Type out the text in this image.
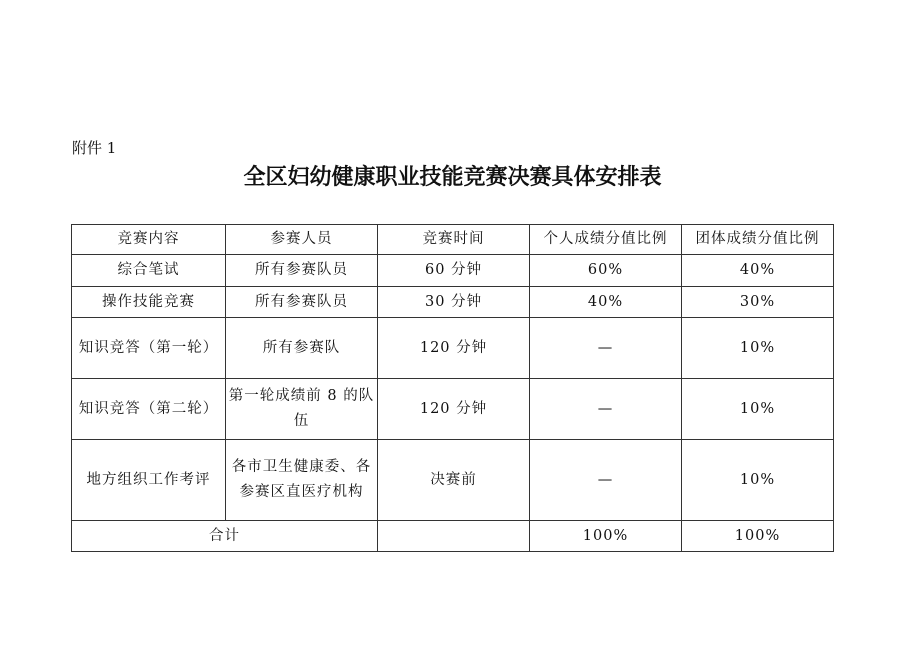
附件 1
全区妇幼健康职业技能竞赛决赛具体安排表
竞赛内容	参赛人员	竞赛时间	个人成绩分值比例	团体成绩分值比例
综合笔试	所有参赛队员	60 分钟	60%	40%
操作技能竞赛	所有参赛队员	30 分钟	40%	30%
知识竞答（第一轮）	所有参赛队	120 分钟	—	10%
知识竞答（第二轮）	第一轮成绩前 8 的队伍	120 分钟	—	10%
地方组织工作考评	各市卫生健康委、各参赛区直医疗机构	决赛前	—	10%
合计			100%	100%
